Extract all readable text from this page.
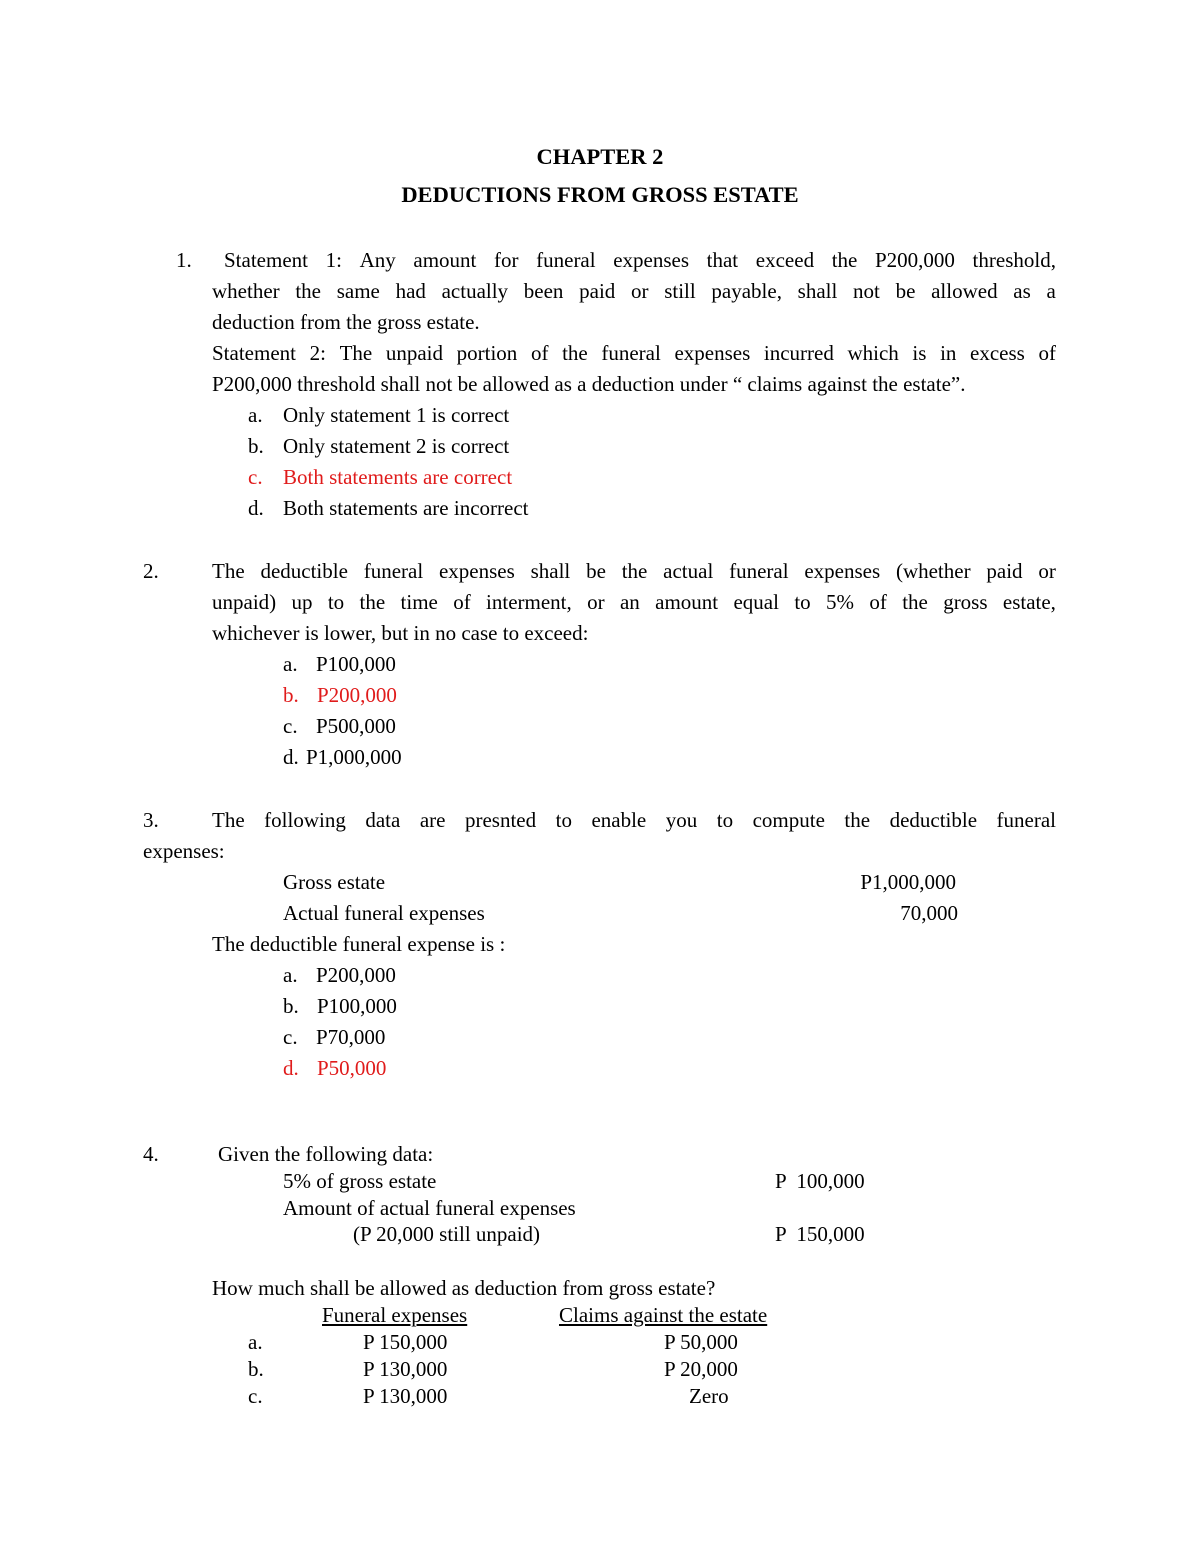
CHAPTER 2
DEDUCTIONS FROM GROSS ESTATE
1. Statement 1: Any amount for funeral expenses that exceed the P200,000 threshold,
whether the same had actually been paid or still payable, shall not be allowed as a
deduction from the gross estate.
Statement 2: The unpaid portion of the funeral expenses incurred which is in excess of
P200,000 threshold shall not be allowed as a deduction under “ claims against the estate”.
a. Only statement 1 is correct
b. Only statement 2 is correct
c. Both statements are correct
d. Both statements are incorrect
2.	The deductible funeral expenses shall be the actual funeral expenses (whether paid or
unpaid) up to the time of interment, or an amount equal to 5% of the gross estate,
whichever is lower, but in no case to exceed:
a. P100,000
b. P200,000
c. P500,000
d. P1,000,000
3.	The following data are presnted to enable you to compute the deductible funeral
expenses:
Gross estate	P1,000,000
Actual funeral expenses	70,000
The deductible funeral expense is :
a. P200,000
b. P100,000
c. P70,000
d. P50,000
4.	Given the following data:
5% of gross estate	P  100,000
Amount of actual funeral expenses
(P 20,000 still unpaid)	P  150,000
How much shall be allowed as deduction from gross estate?
Funeral expenses	Claims against the estate
a.	P 150,000	P 50,000
b.	P 130,000	P 20,000
c.	P 130,000	Zero
